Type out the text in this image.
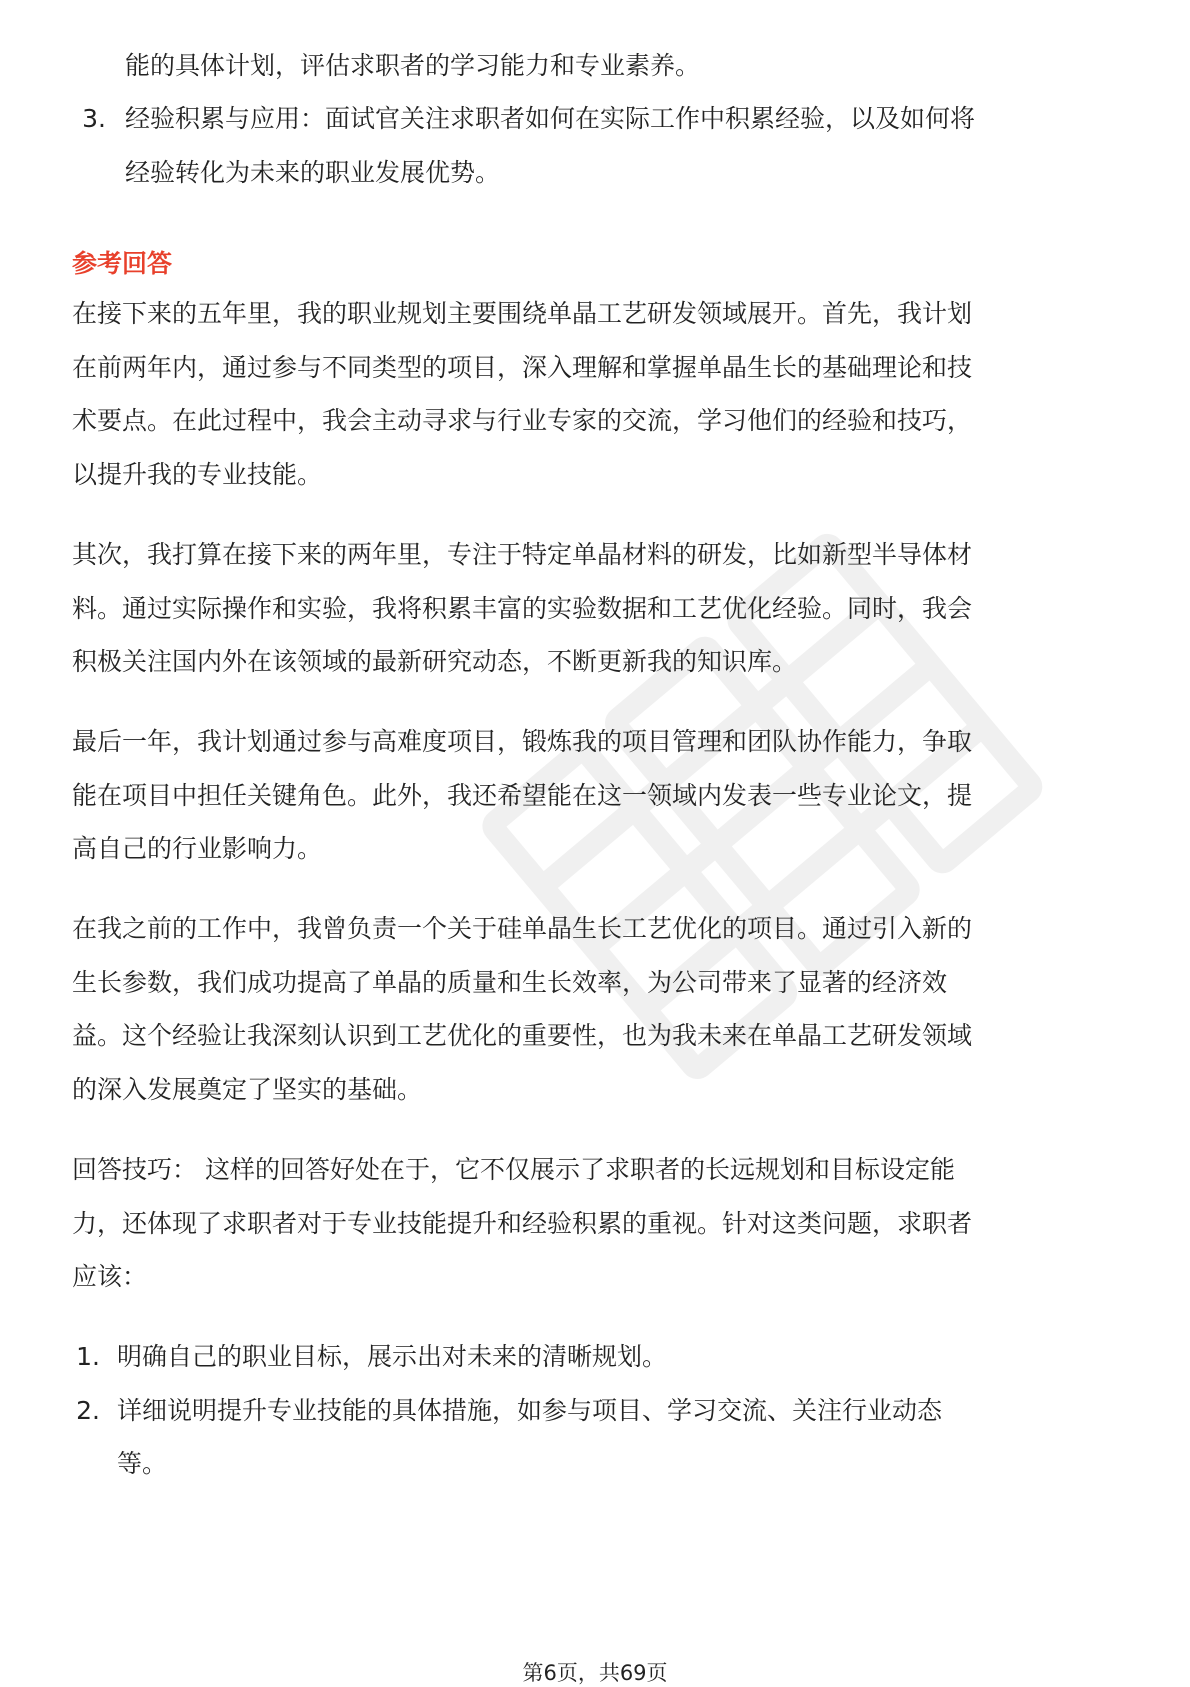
能的具体计划，评估求职者的学习能力和专业素养。

3. 经验积累与应用：面试官关注求职者如何在实际工作中积累经验，以及如何将
经验转化为未来的职业发展优势。
参考回答

在接下来的五年里，我的职业规划主要围绕单晶工艺研发领域展开。首先，我计划

在前两年内，通过参与不同类型的项目，深入理解和掌握单晶生长的基础理论和技

术要点。在此过程中，我会主动寻求与行业专家的交流，学习他们的经验和技巧，

以提升我的专业技能。

其次，我打算在接下来的两年里，专注于特定单晶材料的研发，比如新型半导体材

料。通过实际操作和实验，我将积累丰富的实验数据和工艺优化经验。同时，我会

积极关注国内外在该领域的最新研究动态，不断更新我的知识库。

最后一年，我计划通过参与高难度项目，锻炼我的项目管理和团队协作能力，争取

能在项目中担任关键角色。此外，我还希望能在这一领域内发表一些专业论文，提

高自己的行业影响力。

在我之前的工作中，我曾负责一个关于硅单晶生长工艺优化的项目。通过引入新的

生长参数，我们成功提高了单晶的质量和生长效率，为公司带来了显著的经济效

益。这个经验让我深刻认识到工艺优化的重要性，也为我未来在单晶工艺研发领域

的深入发展奠定了坚实的基础。

回答技巧： 这样的回答好处在于，它不仅展示了求职者的长远规划和目标设定能

力，还体现了求职者对于专业技能提升和经验积累的重视。针对这类问题，求职者

应该：

1. 明确自己的职业目标，展示出对未来的清晰规划。
2. 详细说明提升专业技能的具体措施，如参与项目、学习交流、关注行业动态
等。
第6页，共69页
